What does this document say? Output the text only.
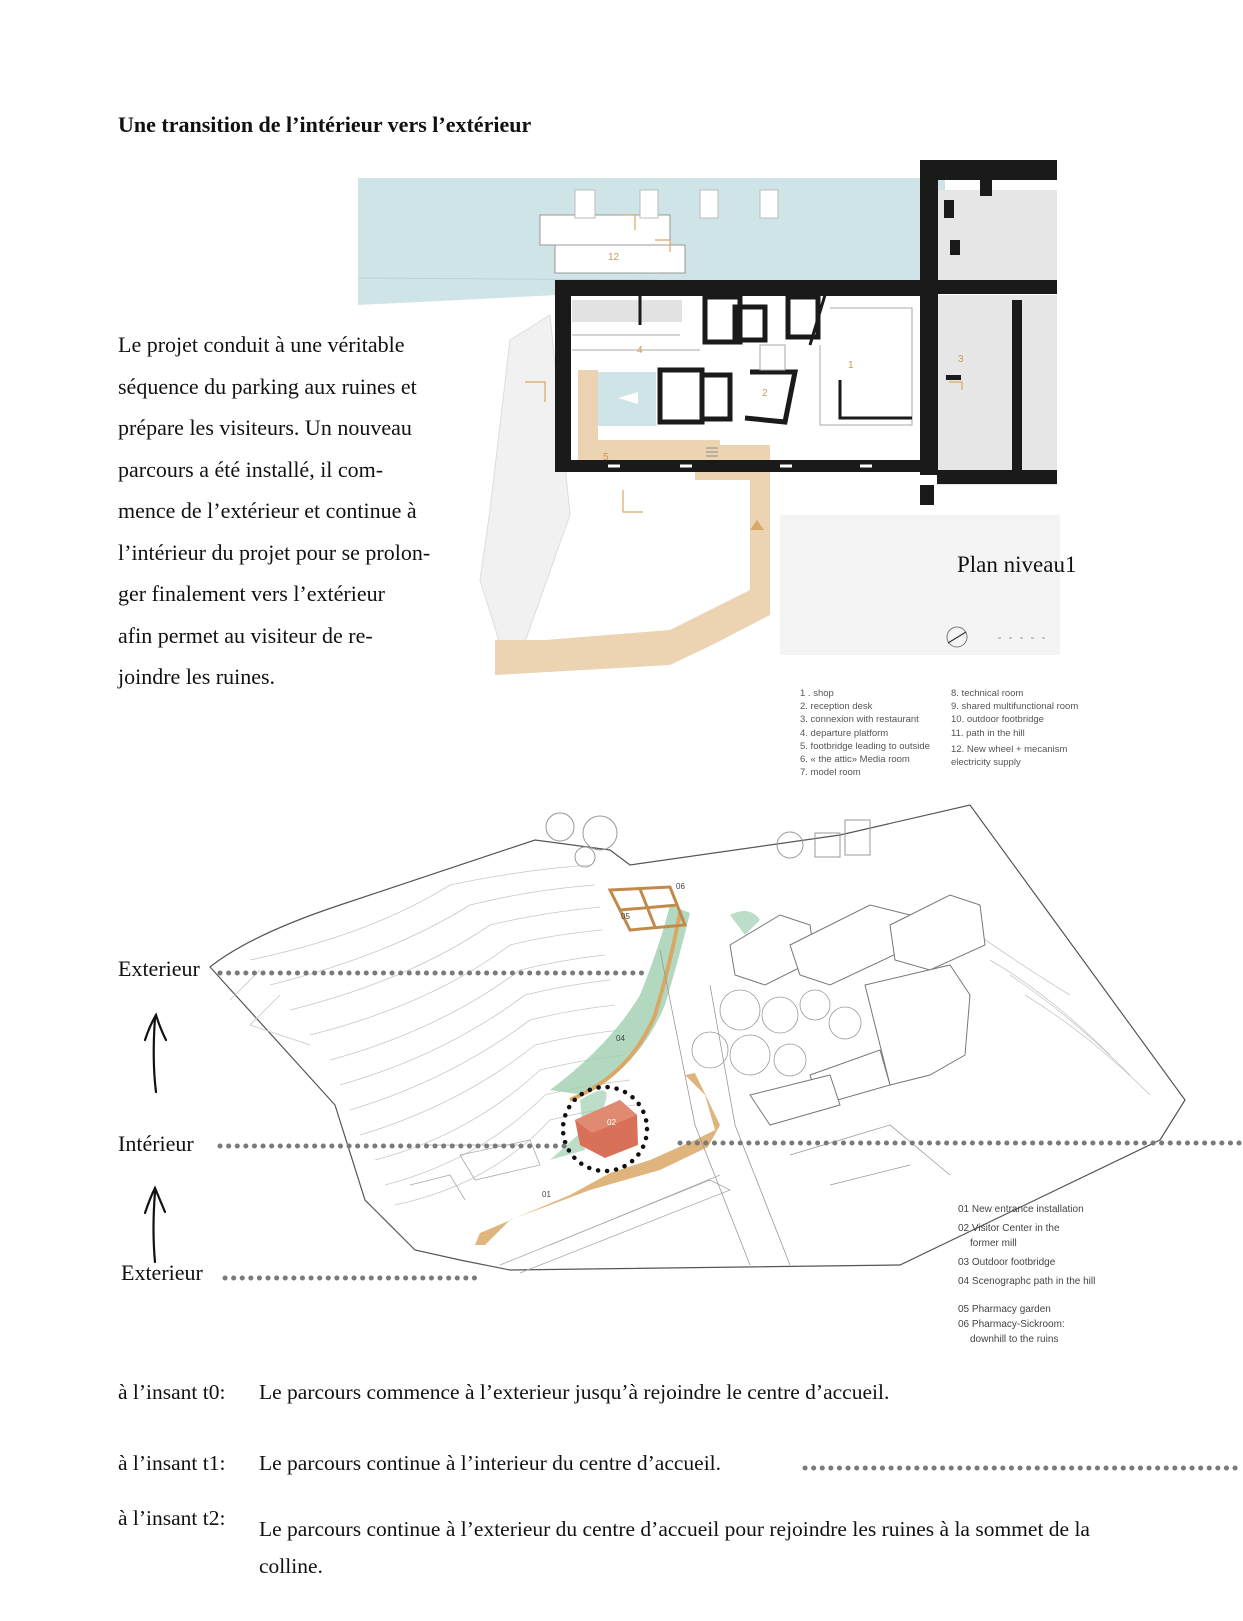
Une transition de l’intérieur vers l’extérieur

Le projet conduit à une véritable

séquence du parking aux ruines et

prépare les visiteurs. Un nouveau

parcours a été installé, il com-

mence de l’extérieur et continue à

l’intérieur du projet pour se prolon-

ger finalement vers l’extérieur

afin permet au visiteur de re-

joindre les ruines.

12
1
2
3
4
5
Plan niveau1
1 . shop
2. reception desk
3. connexion with restaurant
4. departure platform
5. footbridge leading to outside
6. « the attic» Media room
7. model room
8. technical room
9. shared multifunctional room
10. outdoor footbridge
11. path in the hill
12. New wheel + mecanism
electricity supply
01
02
04
05
06
Exterieur
Intérieur
Exterieur
01 New entrance installation
02 Visitor Center in the
former mill
03 Outdoor footbridge
04 Scenographc path in the hill
05 Pharmacy garden
06 Pharmacy-Sickroom:
downhill to the ruins
à l’insant t0: Le parcours commence à l’exterieur jusqu’à rejoindre le centre d’accueil.
à l’insant t1: Le parcours continue à l’interieur du centre d’accueil.
à l’insant t2: Le parcours continue à l’exterieur du centre d’accueil pour rejoindre les ruines à la sommet de la colline.
